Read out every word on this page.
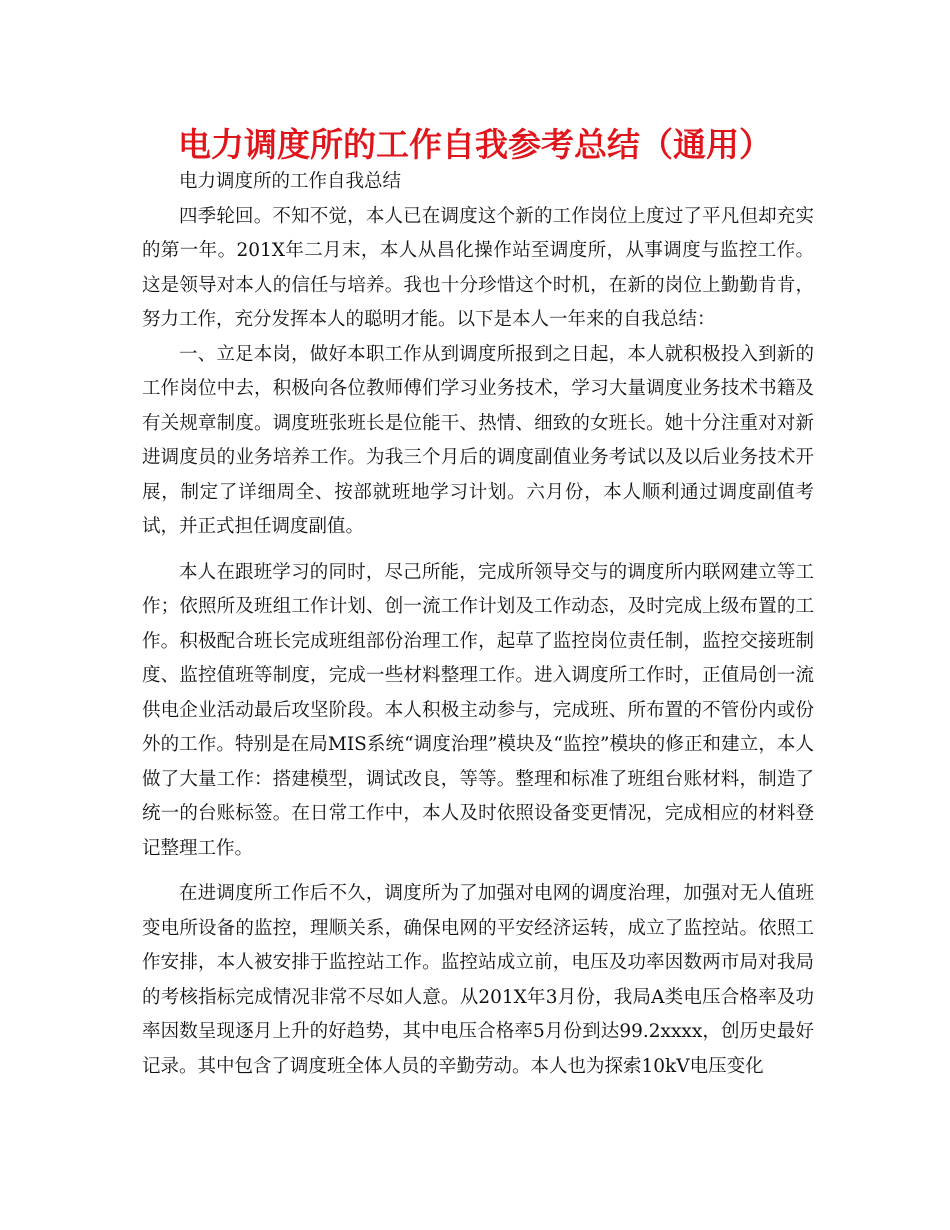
电力调度所的工作自我参考总结（通用）

电力调度所的工作自我总结

四季轮回。不知不觉，本人已在调度这个新的工作岗位上度过了平凡但却充实的第一年。201X年二月末，本人从昌化操作站至调度所，从事调度与监控工作。这是领导对本人的信任与培养。我也十分珍惜这个时机，在新的岗位上勤勤肯肯，努力工作，充分发挥本人的聪明才能。以下是本人一年来的自我总结：

一、立足本岗，做好本职工作从到调度所报到之日起，本人就积极投入到新的工作岗位中去，积极向各位教师傅们学习业务技术，学习大量调度业务技术书籍及有关规章制度。调度班张班长是位能干、热情、细致的女班长。她十分注重对对新进调度员的业务培养工作。为我三个月后的调度副值业务考试以及以后业务技术开展，制定了详细周全、按部就班地学习计划。六月份，本人顺利通过调度副值考试，并正式担任调度副值。

本人在跟班学习的同时，尽己所能，完成所领导交与的调度所内联网建立等工作；依照所及班组工作计划、创一流工作计划及工作动态，及时完成上级布置的工作。积极配合班长完成班组部份治理工作，起草了监控岗位责任制，监控交接班制度、监控值班等制度，完成一些材料整理工作。进入调度所工作时，正值局创一流供电企业活动最后攻坚阶段。本人积极主动参与，完成班、所布置的不管份内或份外的工作。特别是在局MIS系统“调度治理”模块及“监控”模块的修正和建立，本人做了大量工作：搭建模型，调试改良，等等。整理和标准了班组台账材料，制造了统一的台账标签。在日常工作中，本人及时依照设备变更情况，完成相应的材料登记整理工作。

在进调度所工作后不久，调度所为了加强对电网的调度治理，加强对无人值班变电所设备的监控，理顺关系，确保电网的平安经济运转，成立了监控站。依照工作安排，本人被安排于监控站工作。监控站成立前，电压及功率因数两市局对我局的考核指标完成情况非常不尽如人意。从201X年3月份，我局A类电压合格率及功率因数呈现逐月上升的好趋势，其中电压合格率5月份到达99.2xxxx，创历史最好记录。其中包含了调度班全体人员的辛勤劳动。本人也为探索10kV电压变化
